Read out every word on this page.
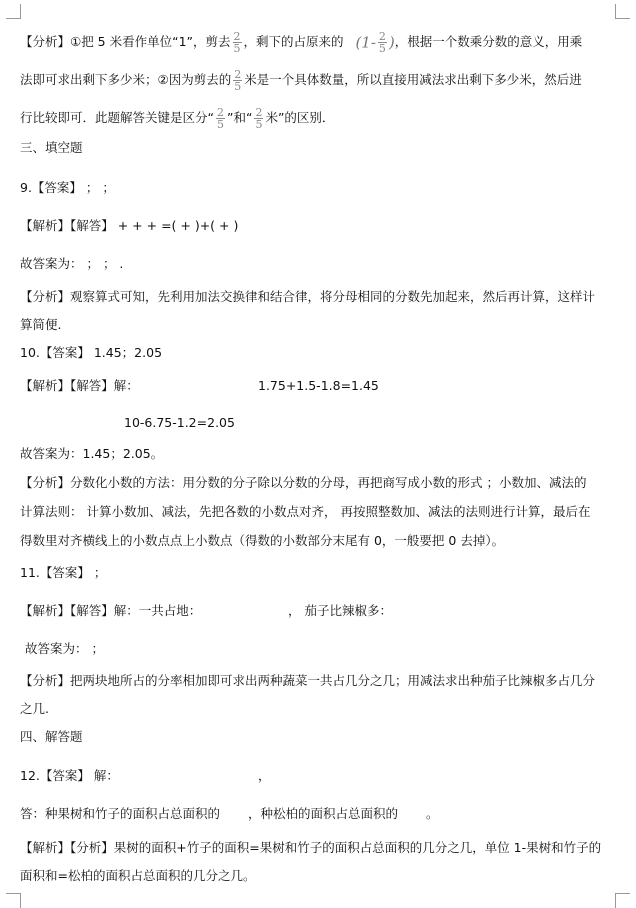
【分析】①把 5 米看作单位“1”，剪去 $\frac{2}{5}$ ，剩下的占原来的 ($1- \frac{2}{5}$ )，根据一个数乘分数的意义，用乘
法即可求出剩下多少米；②因为剪去的 $\frac{2}{5}$ 米是一个具体数量，所以直接用减法求出剩下多少米，然后进
行比较即可．此题解答关键是区分“ $\frac{2}{5}$ ”和“ $\frac{2}{5}$ 米”的区别．
三、填空题
9.【答案】 ； ；
【解析】【解答】 + + + =( + )+( + )
故答案为： ； ； .
【分析】观察算式可知，先利用加法交换律和结合律，将分母相同的分数先加起来，然后再计算，这样计
算简便.
10.【答案】 1.45；2.05
【解析】【解答】解：	1.75+1.5-1.8=1.45
10-6.75-1.2=2.05
故答案为：1.45；2.05。
【分析】分数化小数的方法：用分数的分子除以分数的分母，再把商写成小数的形式 ；小数加、减法的
计算法则： 计算小数加、减法，先把各数的小数点对齐， 再按照整数加、减法的法则进行计算，最后在
得数里对齐横线上的小数点点上小数点（得数的小数部分末尾有 0，一般要把 0 去掉）。
11.【答案】 ；
【解析】【解答】解：一共占地：	， 茄子比辣椒多：
故答案为： ；
【分析】把两块地所占的分率相加即可求出两种蔬菜一共占几分之几；用减法求出种茄子比辣椒多占几分
之几.
四、解答题
12.【答案】 解：	，
答：种果树和竹子的面积占总面积的 ，种松柏的面积占总面积的 。
【解析】【分析】果树的面积+竹子的面积=果树和竹子的面积占总面积的几分之几，单位 1-果树和竹子的
面积和=松柏的面积占总面积的几分之几。
